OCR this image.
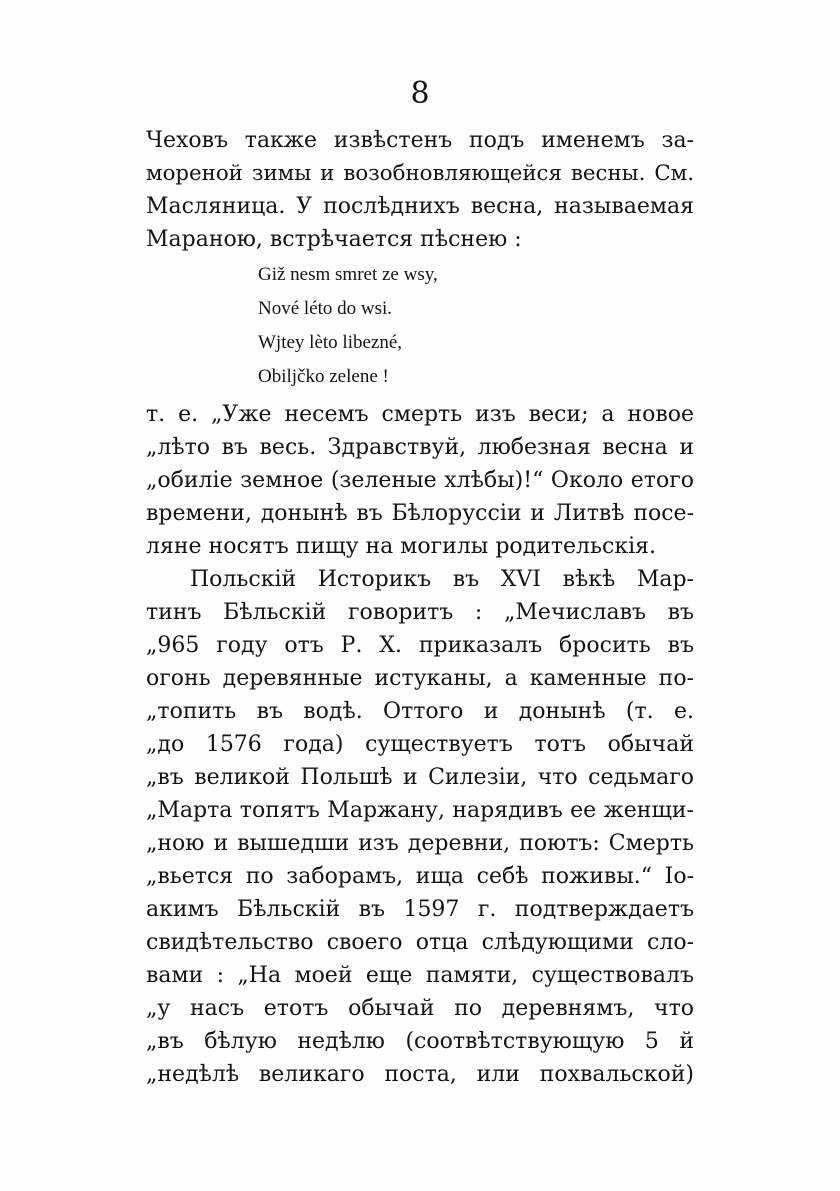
8
Чеховъ также извѣстенъ подъ именемъ за-
мореной зимы и возобновляющейся весны. См.
Масляница. У послѣднихъ весна, называемая
Мараною, встрѣчается пѣснею :
Giž nesm smret ze wsy,
Nové léto do wsi.
Wjtey lèto libezné,
Obiljčko zelene !
т. е. „Уже несемъ смерть изъ веси; а новое
„лѣто въ весь. Здравствуй, любезная весна и
„обиліе земное (зеленые хлѣбы)!“ Около етого
времени, донынѣ въ Бѣлоруссіи и Литвѣ посе-
ляне носятъ пищу на могилы родительскія.
Польскій Историкъ въ XVI вѣкѣ Мар-
тинъ Бѣльскій говоритъ : „Мечиславъ въ
„965 году отъ Р. Х. приказалъ бросить въ
огонь деревянные истуканы, а каменные по-
„топить въ водѣ. Оттого и донынѣ (т. е.
„до 1576 года) существуетъ тотъ обычай
„въ великой Польшѣ и Силезіи, что седьмаго
„Марта топятъ Маржану, нарядивъ ее женщи-
„ною и вышедши изъ деревни, поютъ: Смерть
„вьется по заборамъ, ища себѣ поживы.“ Іо-
акимъ Бѣльскій въ 1597 г. подтверждаетъ
свидѣтельство своего отца слѣдующими сло-
вами : „На моей еще памяти, существовалъ
„у насъ етотъ обычай по деревнямъ, что
„въ бѣлую недѣлю (соотвѣтствующую 5 й
„недѣлѣ великаго поста, или похвальской)
